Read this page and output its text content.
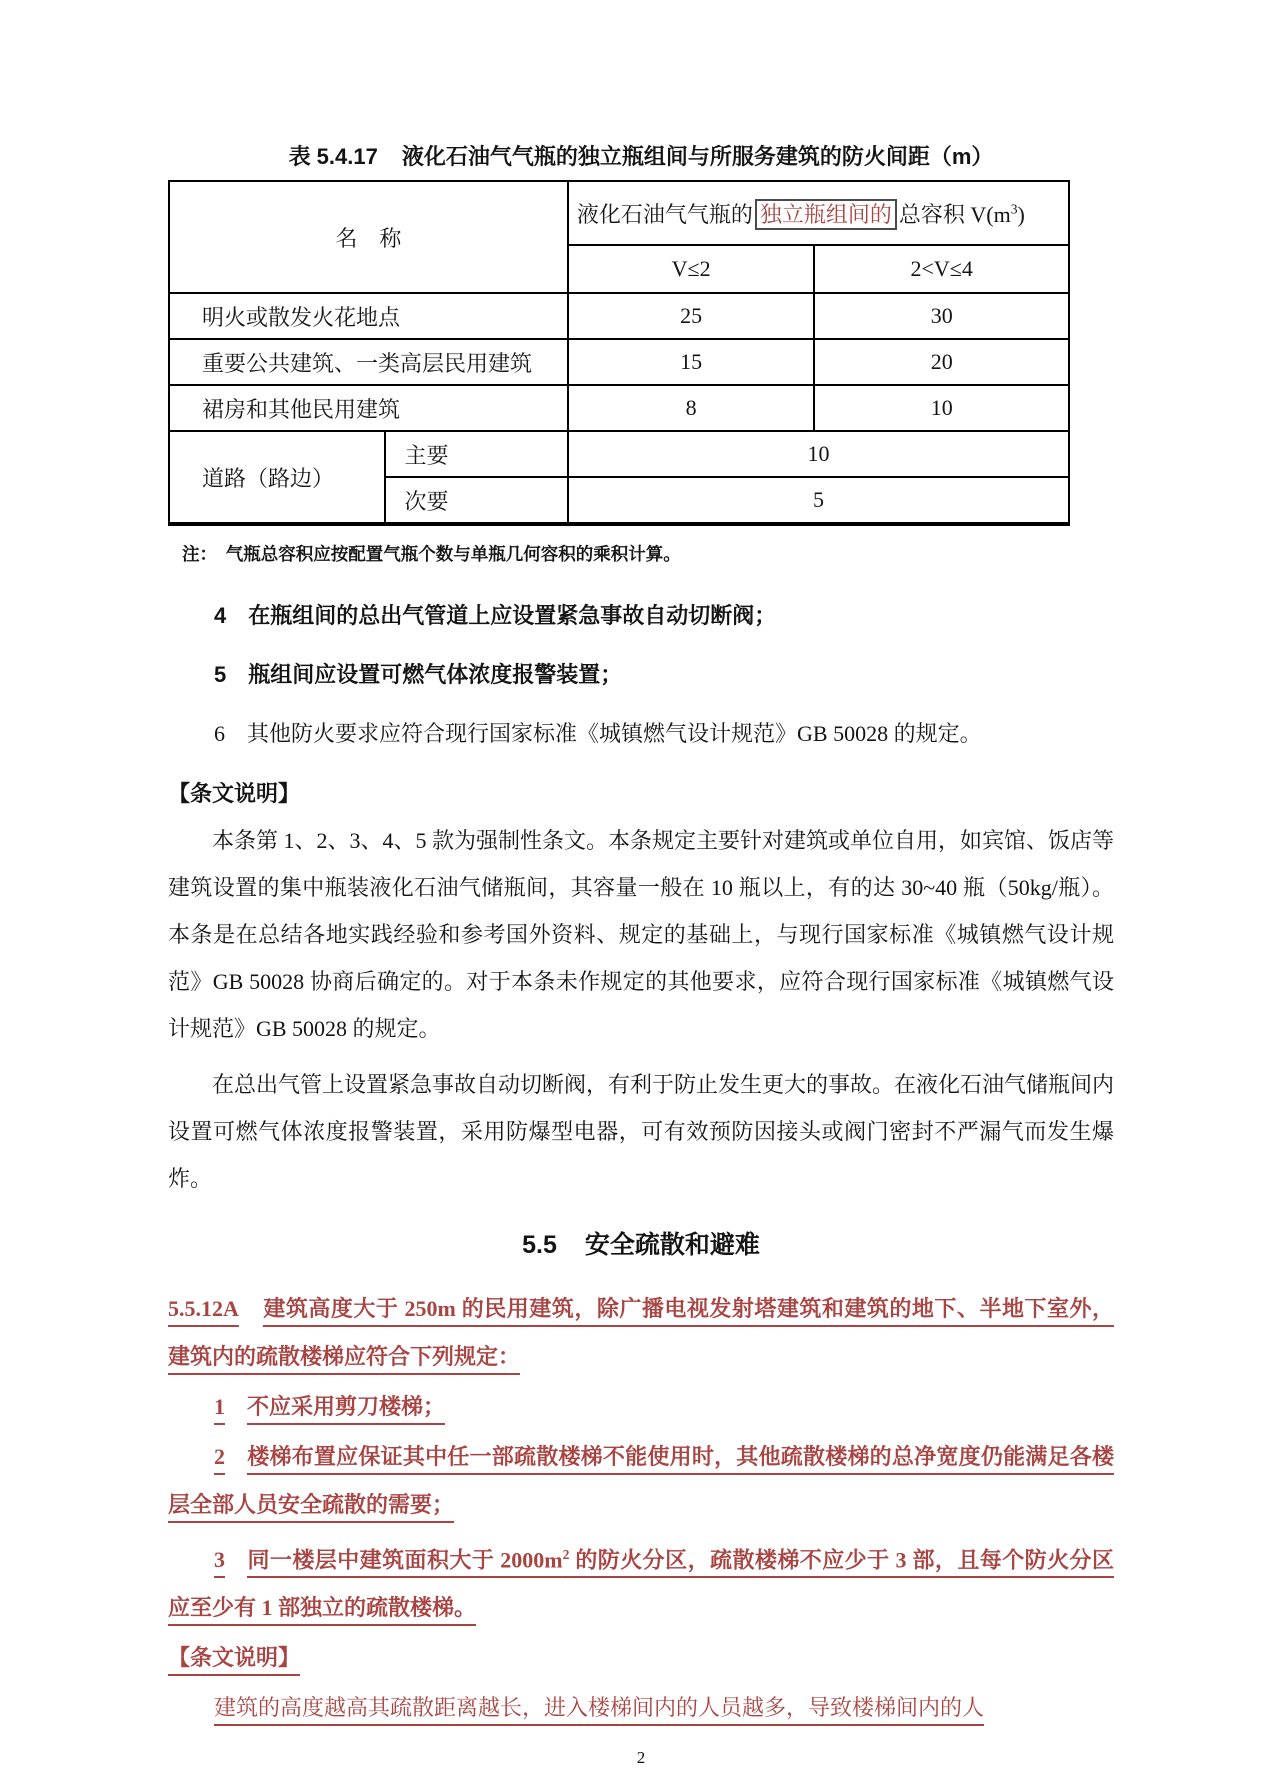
表 5.4.17 液化石油气气瓶的独立瓶组间与所服务建筑的防火间距（m）
名　称		液化石油气气瓶的 独立瓶组间的 总容积 $V(m^3)$	
		V≤2	2<V≤4
明火或散发火花地点		25	30
重要公共建筑、一类高层民用建筑		15	20
裙房和其他民用建筑		8	10
道路（路边）	主要	10	
	次要	5	
注：　气瓶总容积应按配置气瓶个数与单瓶几何容积的乘积计算。
4 在瓶组间的总出气管道上应设置紧急事故自动切断阀；
5 瓶组间应设置可燃气体浓度报警装置；
6 其他防火要求应符合现行国家标准《城镇燃气设计规范》GB 50028 的规定。
【条文说明】
本条第 1、2、3、4、5 款为强制性条文。本条规定主要针对建筑或单位自用，如宾馆、饭店等建筑设置的集中瓶装液化石油气储瓶间，其容量一般在 10 瓶以上，有的达 30~40 瓶（50kg/瓶）。本条是在总结各地实践经验和参考国外资料、规定的基础上，与现行国家标准《城镇燃气设计规范》GB 50028 协商后确定的。对于本条未作规定的其他要求，应符合现行国家标准《城镇燃气设计规范》GB 50028 的规定。
在总出气管上设置紧急事故自动切断阀，有利于防止发生更大的事故。在液化石油气储瓶间内设置可燃气体浓度报警装置，采用防爆型电器，可有效预防因接头或阀门密封不严漏气而发生爆炸。
5.5 安全疏散和避难
5.5.12A 建筑高度大于 250m 的民用建筑，除广播电视发射塔建筑和建筑的地下、半地下室外，建筑内的疏散楼梯应符合下列规定：
1 不应采用剪刀楼梯；
2 楼梯布置应保证其中任一部疏散楼梯不能使用时，其他疏散楼梯的总净宽度仍能满足各楼层全部人员安全疏散的需要；
3 同一楼层中建筑面积大于 $2000m^2$ 的防火分区，疏散楼梯不应少于 3 部，且每个防火分区应至少有 1 部独立的疏散楼梯。
【条文说明】
建筑的高度越高其疏散距离越长，进入楼梯间内的人员越多，导致楼梯间内的人
2
